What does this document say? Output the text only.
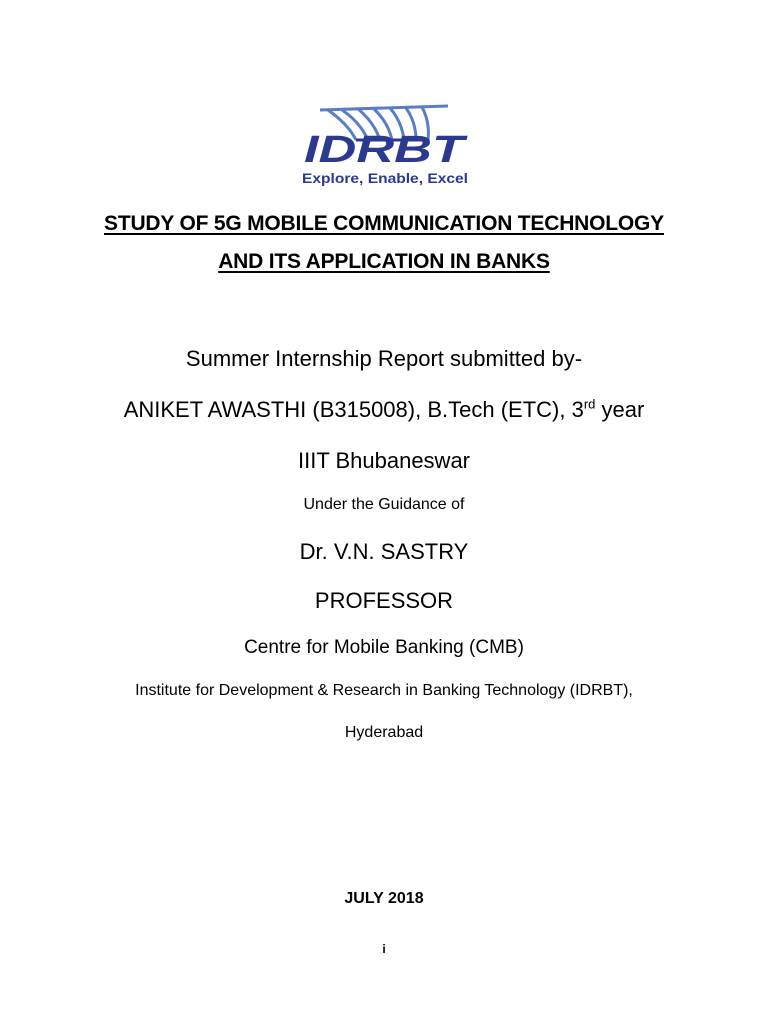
IDRBT
Explore, Enable, Excel
STUDY OF 5G MOBILE COMMUNICATION TECHNOLOGY
AND ITS APPLICATION IN BANKS
Summer Internship Report submitted by-
ANIKET AWASTHI (B315008), B.Tech (ETC), 3rd year
IIIT Bhubaneswar
Under the Guidance of
Dr. V.N. SASTRY
PROFESSOR
Centre for Mobile Banking (CMB)
Institute for Development & Research in Banking Technology (IDRBT),
Hyderabad
JULY 2018
i
